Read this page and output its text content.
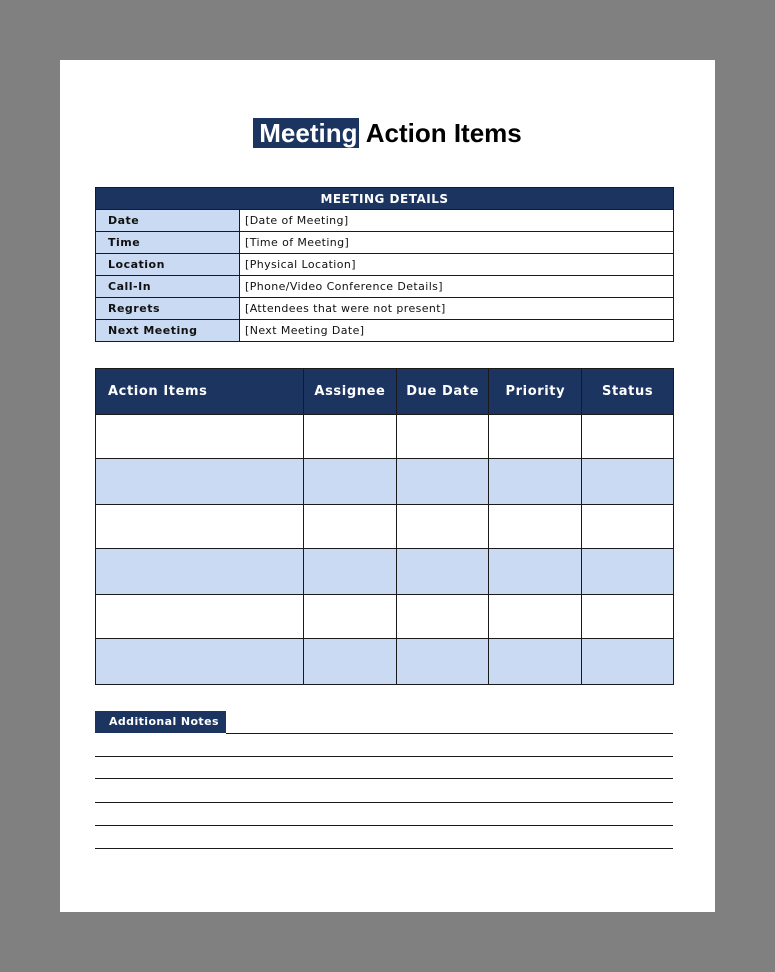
Meeting Action Items
MEETING DETAILS	
Date	[Date of Meeting]
Time	[Time of Meeting]
Location	[Physical Location]
Call-In	[Phone/Video Conference Details]
Regrets	[Attendees that were not present]
Next Meeting	[Next Meeting Date]
Action Items	Assignee	Due Date	Priority	Status

Additional Notes
